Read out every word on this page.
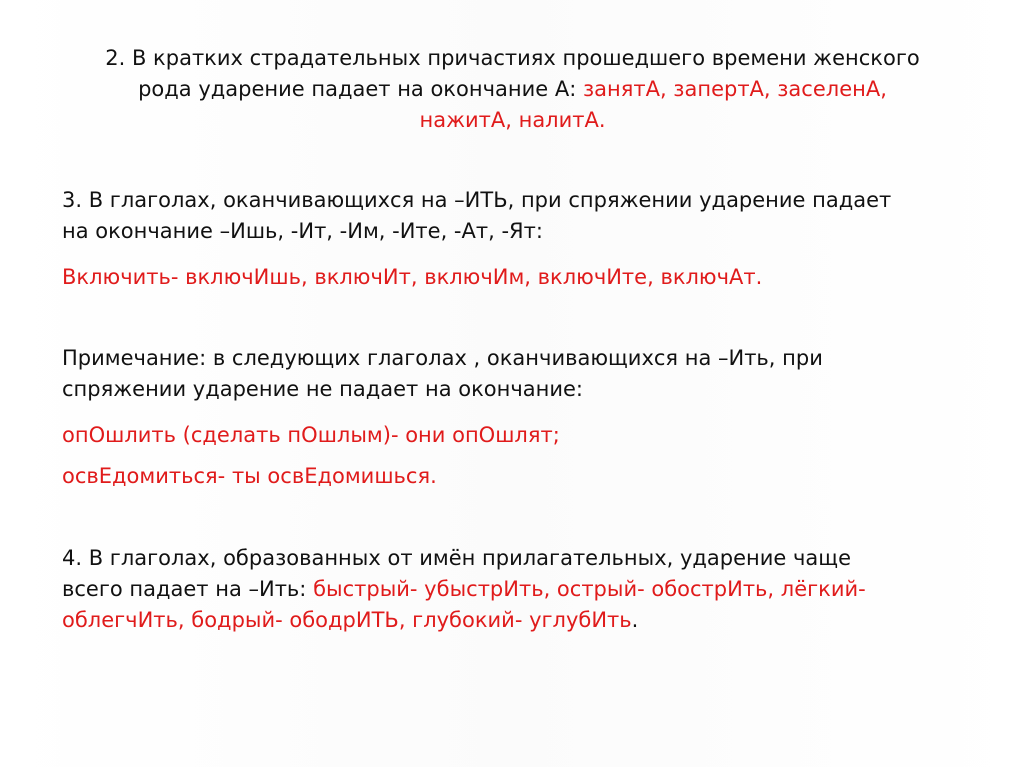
2. В кратких страдательных причастиях прошедшего времени женского
рода ударение падает на окончание А: занятА, запертА, заселенА,
нажитА, налитА.
3. В глаголах, оканчивающихся на –ИТЬ, при спряжении ударение падает
на окончание –Ишь, -Ит, -Им, -Ите, -Ат, -Ят:
Включить- включИшь, включИт, включИм, включИте, включАт.
Примечание: в следующих глаголах , оканчивающихся на –Ить, при
спряжении ударение не падает на окончание:
опОшлить (сделать пОшлым)- они опОшлят;
освЕдомиться- ты освЕдомишься.
4. В глаголах, образованных от имён прилагательных, ударение чаще
всего падает на –Ить: быстрый- убыстрИть, острый- обострИть, лёгкий-
облегчИть, бодрый- ободрИТЬ, глубокий- углубИть.
